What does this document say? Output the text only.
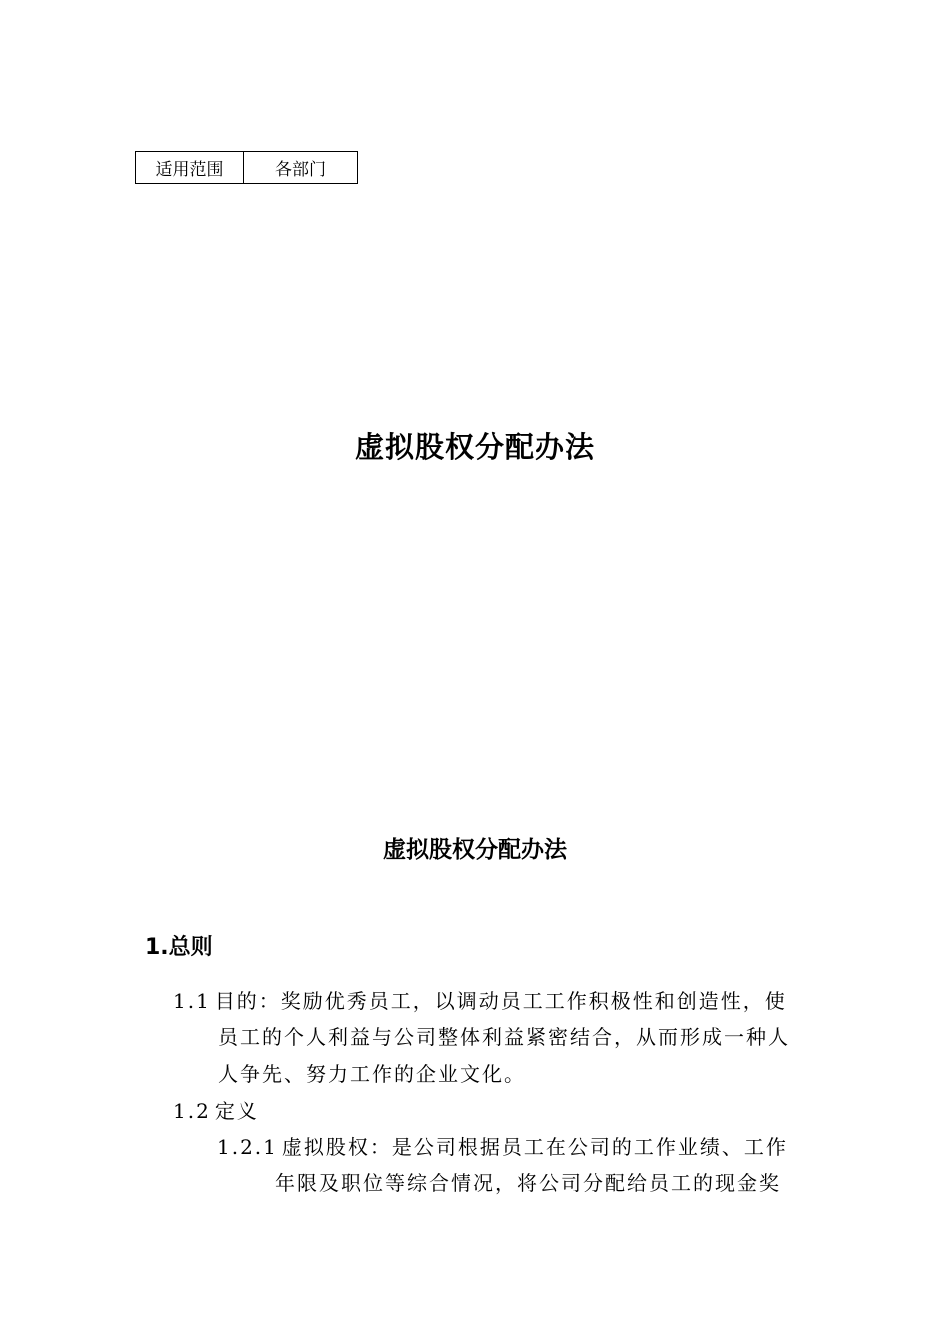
适用范围	各部门
虚拟股权分配办法
虚拟股权分配办法
1.总则
1.1 目的：奖励优秀员工，以调动员工工作积极性和创造性，使
员工的个人利益与公司整体利益紧密结合，从而形成一种人
人争先、努力工作的企业文化。
1.2 定义
1.2.1 虚拟股权：是公司根据员工在公司的工作业绩、工作
年限及职位等综合情况，将公司分配给员工的现金奖
